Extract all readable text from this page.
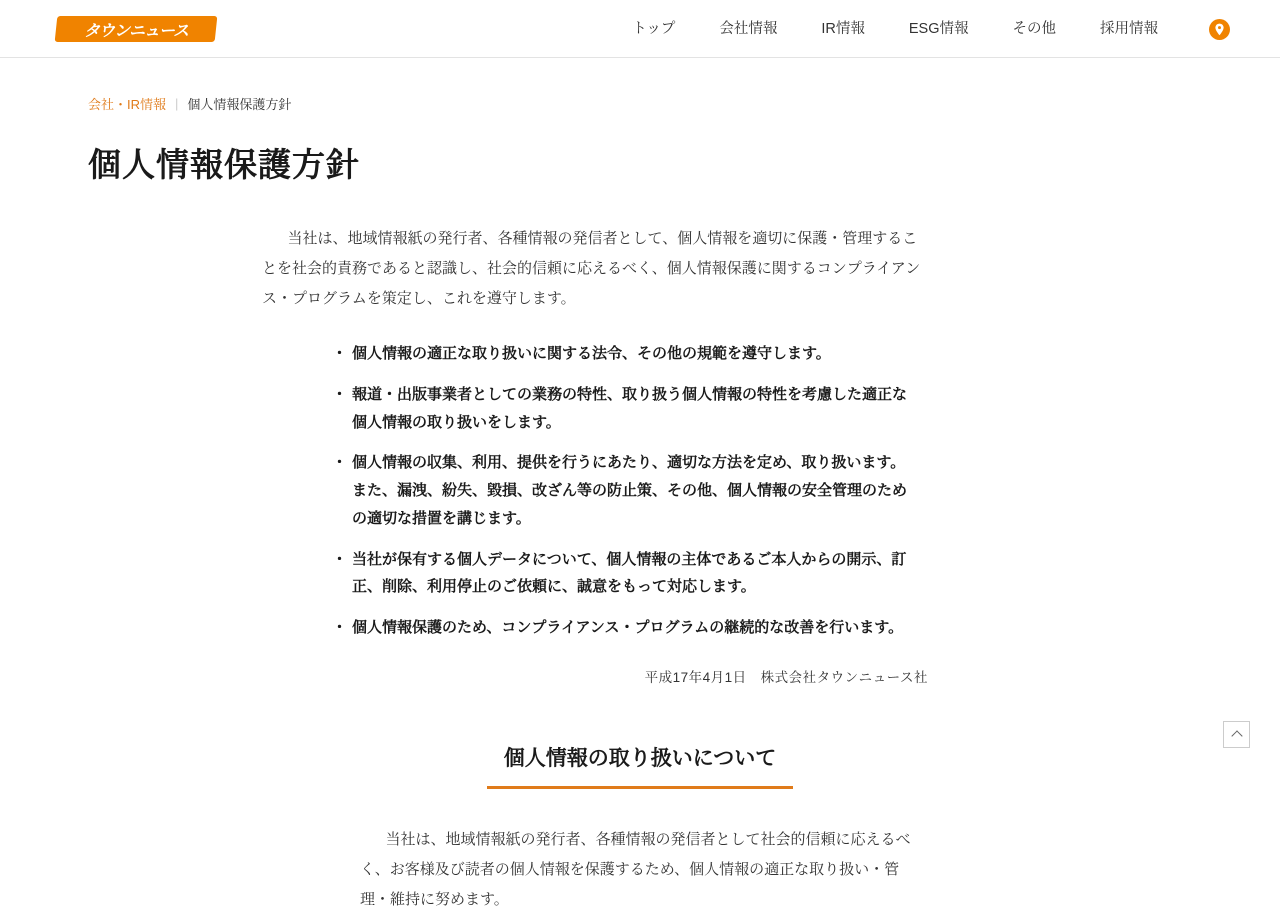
タウンニュース	トップ	会社情報	IR情報	ESG情報	その他	採用情報
会社・IR情報 | 個人情報保護方針
個人情報保護方針

当社は、地域情報紙の発行者、各種情報の発信者として、個人情報を適切に保護・管理することを社会的責務であると認識し、社会的信頼に応えるべく、個人情報保護に関するコンプライアンス・プログラムを策定し、これを遵守します。

・ 個人情報の適正な取り扱いに関する法令、その他の規範を遵守します。
・ 報道・出版事業者としての業務の特性、取り扱う個人情報の特性を考慮した適正な個人情報の取り扱いをします。
・ 個人情報の収集、利用、提供を行うにあたり、適切な方法を定め、取り扱います。また、漏洩、紛失、毀損、改ざん等の防止策、その他、個人情報の安全管理のための適切な措置を講じます。
・ 当社が保有する個人データについて、個人情報の主体であるご本人からの開示、訂正、削除、利用停止のご依頼に、誠意をもって対応します。
・ 個人情報保護のため、コンプライアンス・プログラムの継続的な改善を行います。
平成17年4月1日　株式会社タウンニュース社
個人情報の取り扱いについて

当社は、地域情報紙の発行者、各種情報の発信者として社会的信頼に応えるべく、お客様及び読者の個人情報を保護するため、個人情報の適正な取り扱い・管理・維持に努めます。
